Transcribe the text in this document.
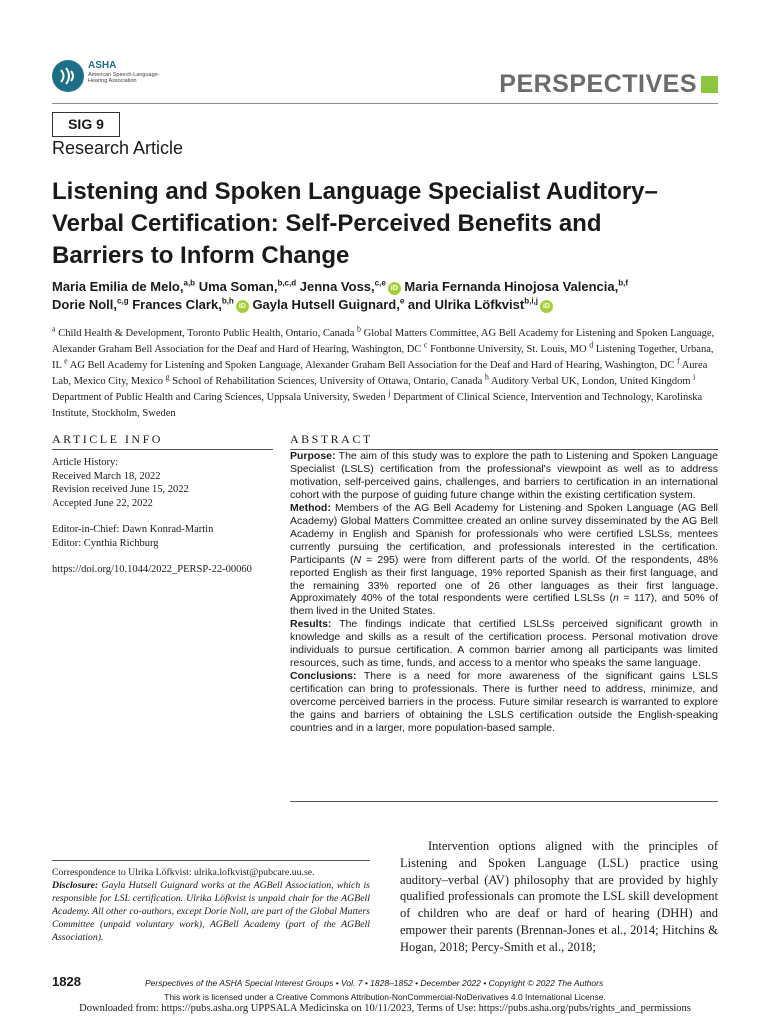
ASHA
American Speech-Language-Hearing Association	PERSPECTIVES
SIG 9
Research Article
Listening and Spoken Language Specialist Auditory–Verbal Certification: Self-Perceived Benefits and Barriers to Inform Change
Maria Emilia de Melo,$^{a,b}$ Uma Soman,$^{b,c,d}$ Jenna Voss,$^{c,e}$iD Maria Fernanda Hinojosa Valencia,$^{b,f}$
Dorie Noll,$^{c,g}$ Frances Clark,$^{b,h}$iD Gayla Hutsell Guignard,$^e$ and Ulrika Löfkvist$^{b,i,j}$iD
$^a$ Child Health & Development, Toronto Public Health, Ontario, Canada $^b$ Global Matters Committee, AG Bell Academy for Listening and Spoken Language, Alexander Graham Bell Association for the Deaf and Hard of Hearing, Washington, DC $^c$ Fontbonne University, St. Louis, MO $^d$ Listening Together, Urbana, IL $^e$ AG Bell Academy for Listening and Spoken Language, Alexander Graham Bell Association for the Deaf and Hard of Hearing, Washington, DC $^f$ Aurea Lab, Mexico City, Mexico $^g$ School of Rehabilitation Sciences, University of Ottawa, Ontario, Canada $^h$ Auditory Verbal UK, London, United Kingdom $^i$ Department of Public Health and Caring Sciences, Uppsala University, Sweden $^j$ Department of Clinical Science, Intervention and Technology, Karolinska Institute, Stockholm, Sweden
ARTICLE INFO
Article History:
Received March 18, 2022
Revision received June 15, 2022
Accepted June 22, 2022
Editor-in-Chief: Dawn Konrad-Martin
Editor: Cynthia Richburg
https://doi.org/10.1044/2022_PERSP-22-00060
ABSTRACT

Purpose: The aim of this study was to explore the path to Listening and Spoken Language Specialist (LSLS) certification from the professional's viewpoint as well as to address motivation, self-perceived gains, challenges, and barriers to certification in an international cohort with the purpose of guiding future change within the existing certification system.

Method: Members of the AG Bell Academy for Listening and Spoken Language (AG Bell Academy) Global Matters Committee created an online survey disseminated by the AG Bell Academy in English and Spanish for professionals who were certified LSLSs, mentees currently pursuing the certification, and professionals interested in the certification. Participants (N = 295) were from different parts of the world. Of the respondents, 48% reported English as their first language, 19% reported Spanish as their first language, and the remaining 33% reported one of 26 other languages as their first language. Approximately 40% of the total respondents were certified LSLSs (n = 117), and 50% of them lived in the United States.

Results: The findings indicate that certified LSLSs perceived significant growth in knowledge and skills as a result of the certification process. Personal motivation drove individuals to pursue certification. A common barrier among all participants was limited resources, such as time, funds, and access to a mentor who speaks the same language.

Conclusions: There is a need for more awareness of the significant gains LSLS certification can bring to professionals. There is further need to address, minimize, and overcome perceived barriers in the process. Future similar research is warranted to explore the gains and barriers of obtaining the LSLS certification outside the English-speaking countries and in a larger, more population-based sample.

Correspondence to Ulrika Löfkvist: ulrika.lofkvist@pubcare.uu.se.
Disclosure: Gayla Hutsell Guignard works at the AGBell Association, which is responsible for LSL certification. Ulrika Löfkvist is unpaid chair for the AGBell Academy. All other co-authors, except Dorie Noll, are part of the Global Matters Committee (unpaid voluntary work), AGBell Academy (part of the AGBell Association).
Intervention options aligned with the principles of Listening and Spoken Language (LSL) practice using auditory–verbal (AV) philosophy that are provided by highly qualified professionals can promote the LSL skill development of children who are deaf or hard of hearing (DHH) and empower their parents (Brennan-Jones et al., 2014; Hitchins & Hogan, 2018; Percy-Smith et al., 2018;
1828	Perspectives of the ASHA Special Interest Groups • Vol. 7 • 1828–1852 • December 2022 • Copyright © 2022 The Authors
This work is licensed under a Creative Commons Attribution-NonCommercial-NoDerivatives 4.0 International License.
Downloaded from: https://pubs.asha.org UPPSALA Medicinska on 10/11/2023, Terms of Use: https://pubs.asha.org/pubs/rights_and_permissions
